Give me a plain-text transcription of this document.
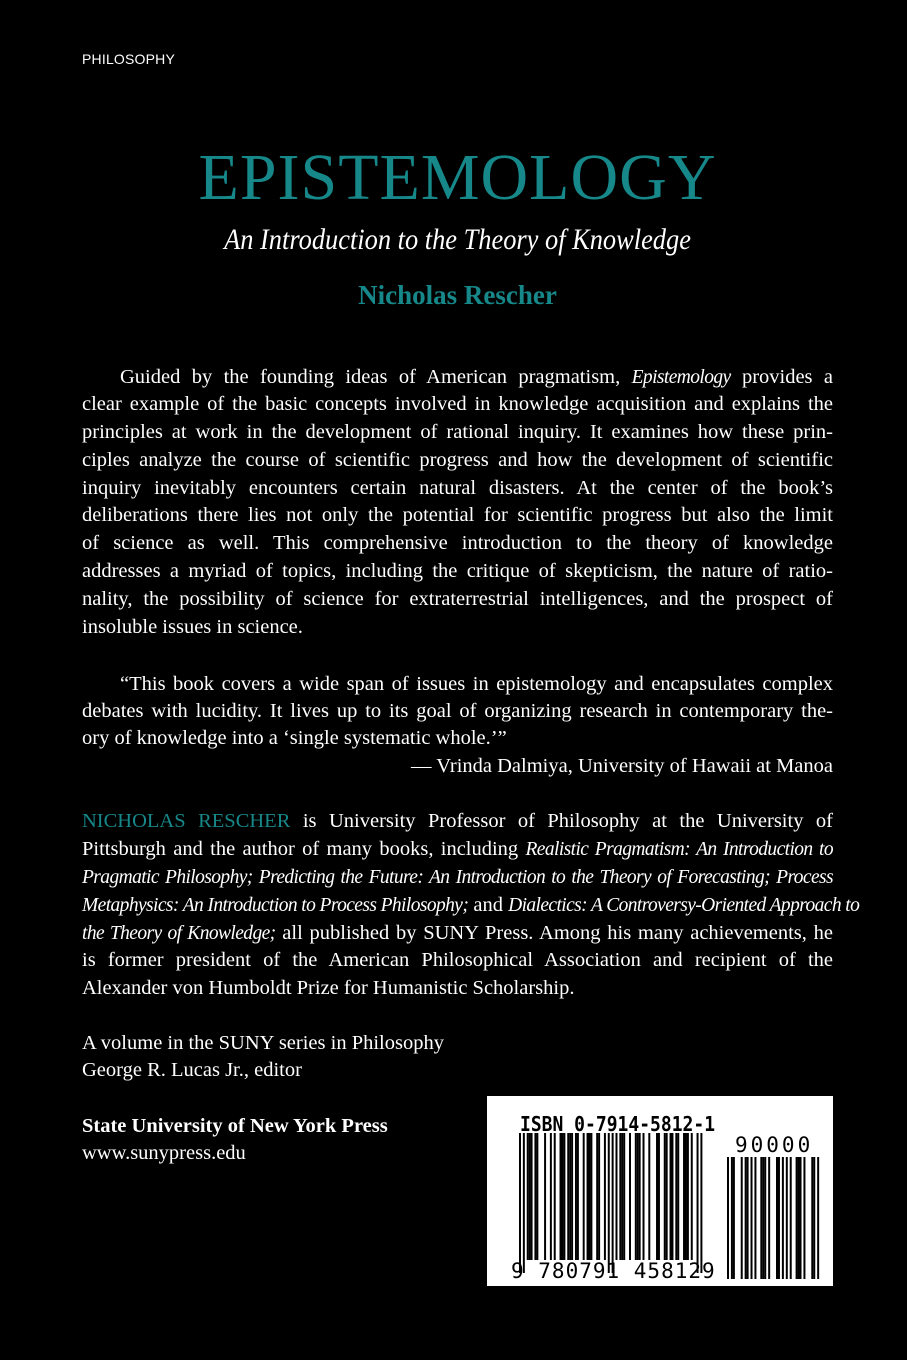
PHILOSOPHY
EPISTEMOLOGY
An Introduction to the Theory of Knowledge
Nicholas Rescher
Guided by the founding ideas of American pragmatism, Epistemology provides a
clear example of the basic concepts involved in knowledge acquisition and explains the
principles at work in the development of rational inquiry. It examines how these prin-
ciples analyze the course of scientific progress and how the development of scientific
inquiry inevitably encounters certain natural disasters. At the center of the book’s
deliberations there lies not only the potential for scientific progress but also the limit
of science as well. This comprehensive introduction to the theory of knowledge
addresses a myriad of topics, including the critique of skepticism, the nature of ratio-
nality, the possibility of science for extraterrestrial intelligences, and the prospect of
insoluble issues in science.
“This book covers a wide span of issues in epistemology and encapsulates complex
debates with lucidity. It lives up to its goal of organizing research in contemporary the-
ory of knowledge into a ‘single systematic whole.’”
— Vrinda Dalmiya, University of Hawaii at Manoa
NICHOLAS RESCHER is University Professor of Philosophy at the University of
Pittsburgh and the author of many books, including Realistic Pragmatism: An Introduction to
Pragmatic Philosophy; Predicting the Future: An Introduction to the Theory of Forecasting; Process
Metaphysics: An Introduction to Process Philosophy; and Dialectics: A Controversy-Oriented Approach to
the Theory of Knowledge; all published by SUNY Press. Among his many achievements, he
is former president of the American Philosophical Association and recipient of the
Alexander von Humboldt Prize for Humanistic Scholarship.
A volume in the SUNY series in Philosophy
George R. Lucas Jr., editor
State University of New York Press
www.sunypress.edu
ISBN 0-7914-5812-1
90000
9 780791 458129
